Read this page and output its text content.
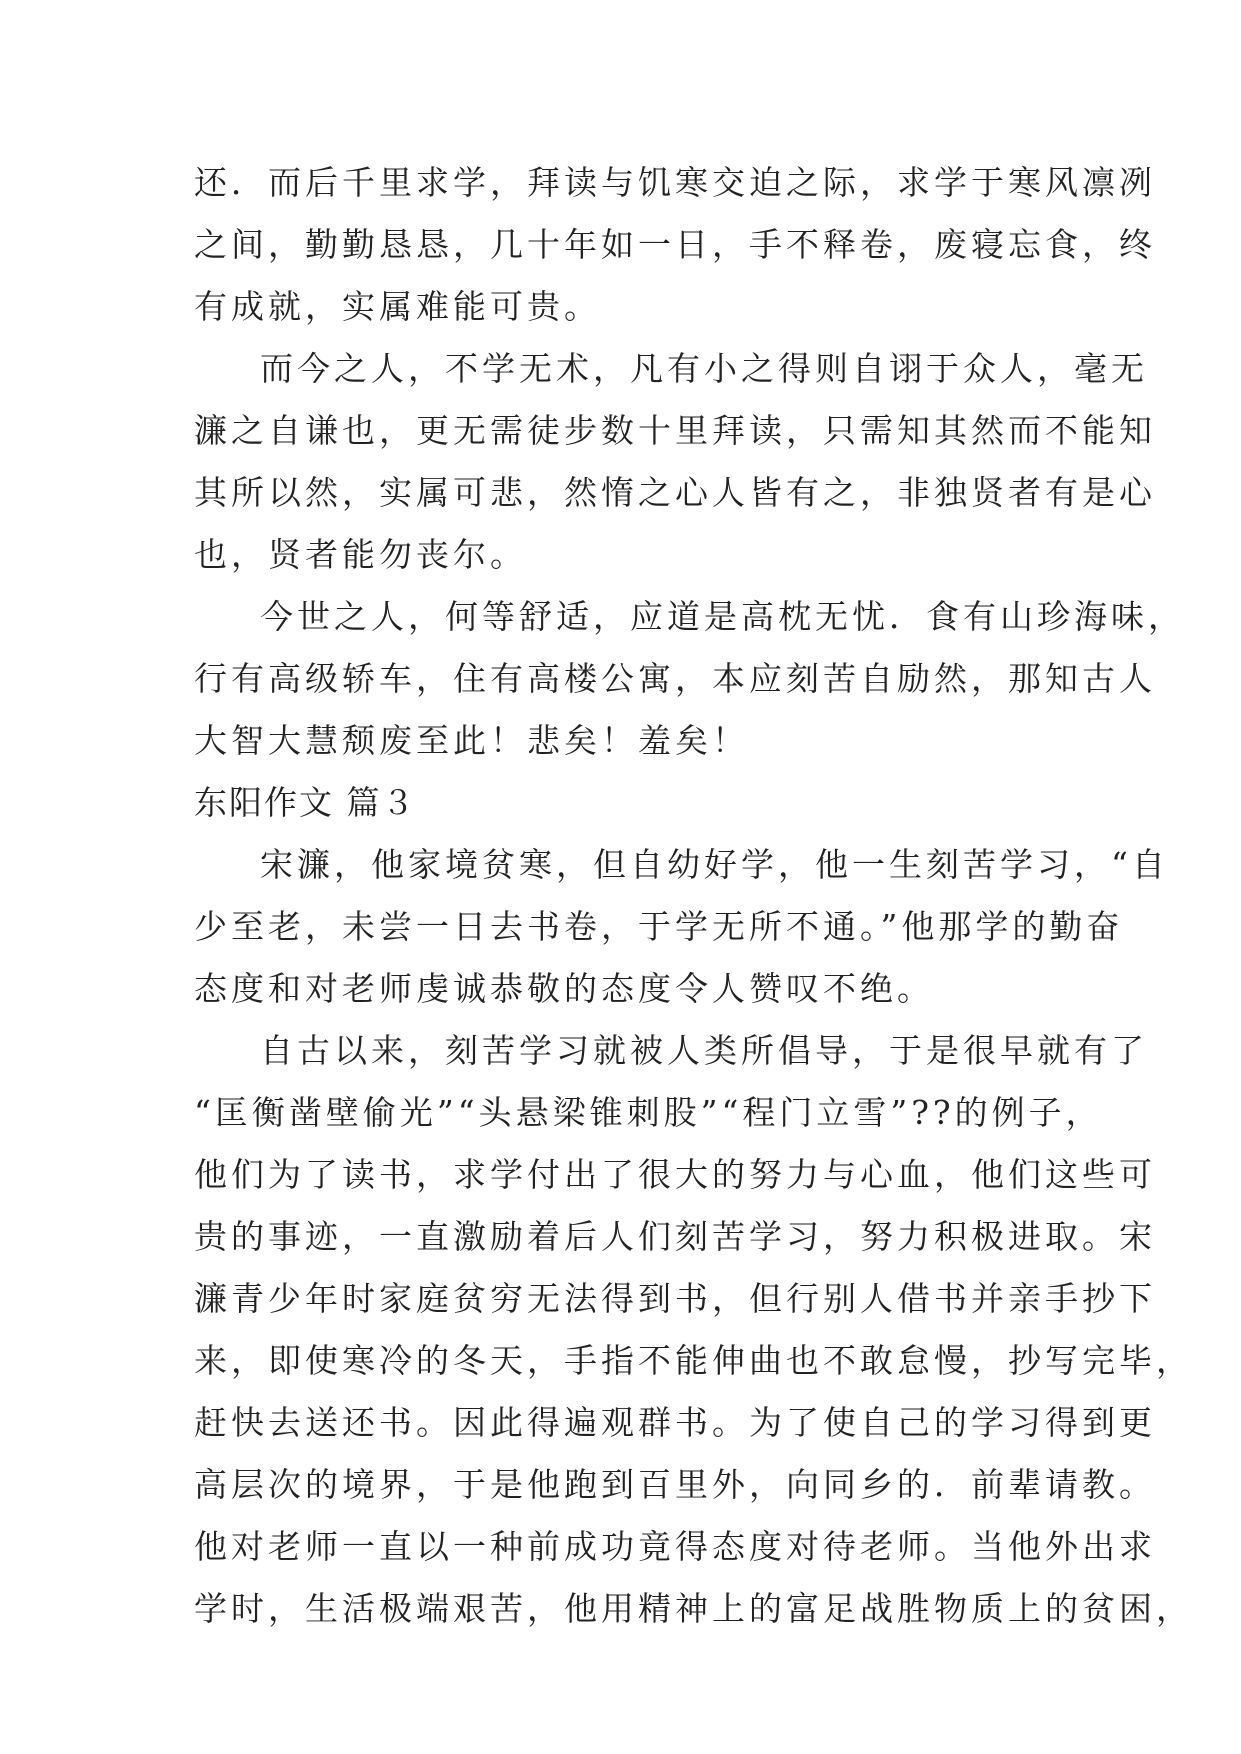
还．而后千里求学，拜读与饥寒交迫之际，求学于寒风凛冽
之间，勤勤恳恳，几十年如一日，手不释卷，废寝忘食，终
有成就，实属难能可贵。
而今之人，不学无术，凡有小之得则自诩于众人，毫无
濂之自谦也，更无需徒步数十里拜读，只需知其然而不能知
其所以然，实属可悲，然惰之心人皆有之，非独贤者有是心
也，贤者能勿丧尔。
今世之人，何等舒适，应道是高枕无忧．食有山珍海味，
行有高级轿车，住有高楼公寓，本应刻苦自励然，那知古人
大智大慧颓废至此！悲矣！羞矣！
东阳作文 篇３
宋濂，他家境贫寒，但自幼好学，他一生刻苦学习，“自
少至老，未尝一日去书卷，于学无所不通。”他那学的勤奋
态度和对老师虔诚恭敬的态度令人赞叹不绝。
自古以来，刻苦学习就被人类所倡导，于是很早就有了
“匡衡凿壁偷光”“头悬梁锥刺股”“程门立雪”??的例子，
他们为了读书，求学付出了很大的努力与心血，他们这些可
贵的事迹，一直激励着后人们刻苦学习，努力积极进取。宋
濂青少年时家庭贫穷无法得到书，但行别人借书并亲手抄下
来，即使寒冷的冬天，手指不能伸曲也不敢怠慢，抄写完毕，
赶快去送还书。因此得遍观群书。为了使自己的学习得到更
高层次的境界，于是他跑到百里外，向同乡的．前辈请教。
他对老师一直以一种前成功竟得态度对待老师。当他外出求
学时，生活极端艰苦，他用精神上的富足战胜物质上的贫困，
